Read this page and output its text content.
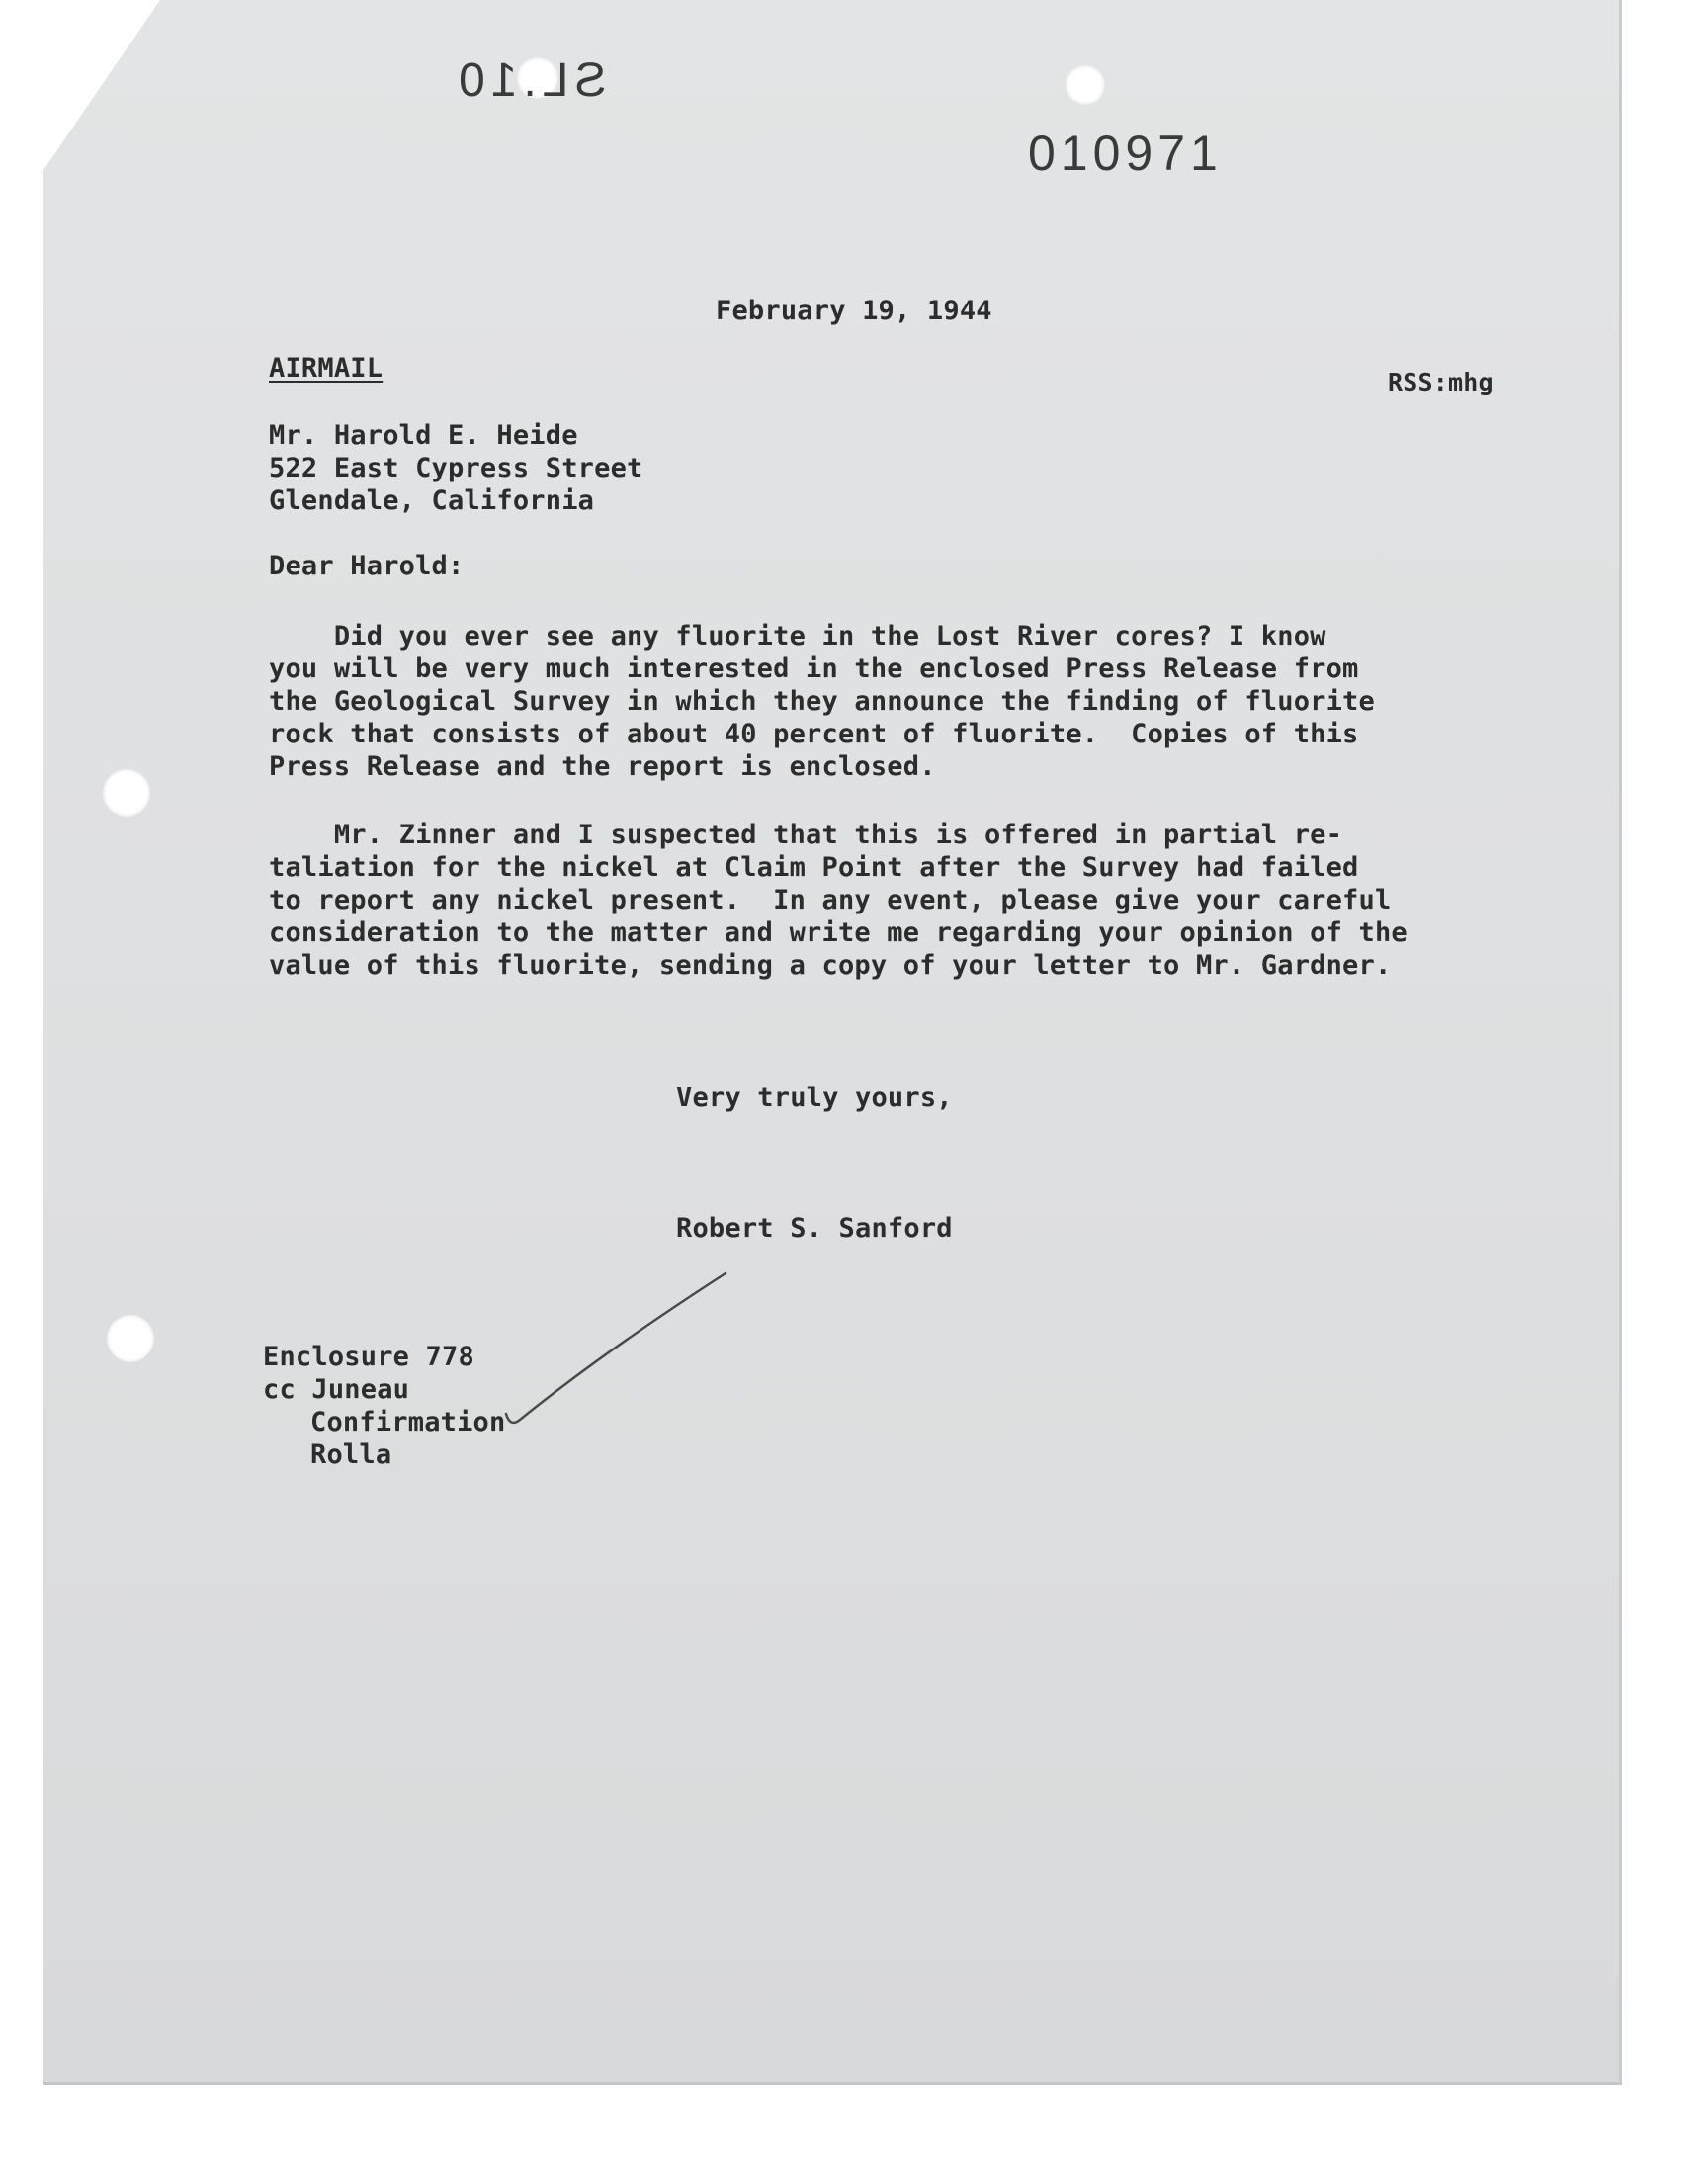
SL.10
010971
February 19, 1944
AIRMAIL	RSS:mhg
Mr. Harold E. Heide
522 East Cypress Street
Glendale, California
Dear Harold:
Did you ever see any fluorite in the Lost River cores? I know
you will be very much interested in the enclosed Press Release from
the Geological Survey in which they announce the finding of fluorite
rock that consists of about 40 percent of fluorite.  Copies of this
Press Release and the report is enclosed.
Mr. Zinner and I suspected that this is offered in partial re-
taliation for the nickel at Claim Point after the Survey had failed
to report any nickel present.  In any event, please give your careful
consideration to the matter and write me regarding your opinion of the
value of this fluorite, sending a copy of your letter to Mr. Gardner.
Very truly yours,
Robert S. Sanford
Enclosure 778
cc Juneau
Confirmation
Rolla
